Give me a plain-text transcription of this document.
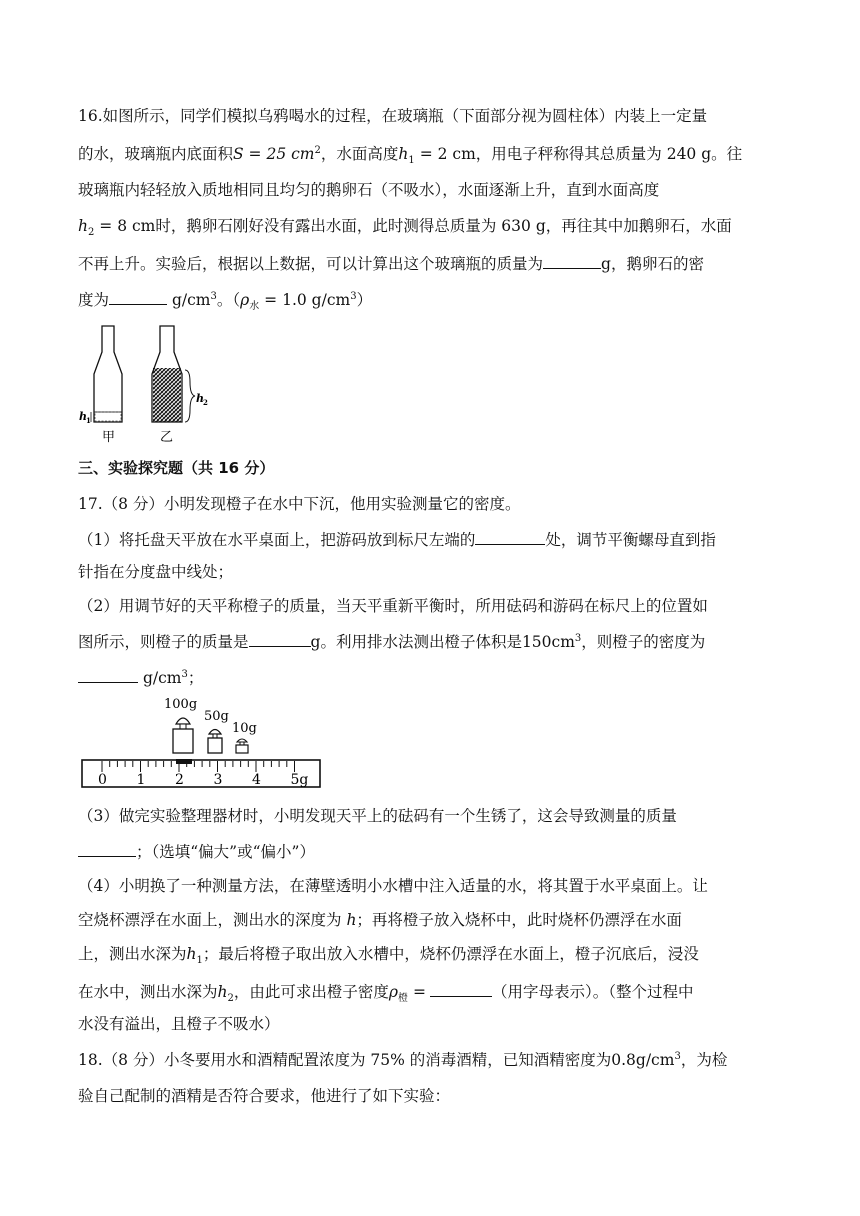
16.如图所示，同学们模拟乌鸦喝水的过程，在玻璃瓶（下面部分视为圆柱体）内装上一定量
的水，玻璃瓶内底面积S = 25 $cm^2$，水面高度$h_1 = 2$ cm，用电子秤称得其总质量为 240 g。往
玻璃瓶内轻轻放入质地相同且均匀的鹅卵石（不吸水），水面逐渐上升，直到水面高度
$h_2 = 8$ cm时，鹅卵石刚好没有露出水面，此时测得总质量为 630 g，再往其中加鹅卵石，水面
不再上升。实验后，根据以上数据，可以计算出这个玻璃瓶的质量为	g，鹅卵石的密
度为	$g/cm^3$。（$\rho_水 = 1.0$ $g/cm^3$）
h 1
甲
h 2
乙
三、实验探究题（共 16 分）
17.（8 分）小明发现橙子在水中下沉，他用实验测量它的密度。
（1）将托盘天平放在水平桌面上，把游码放到标尺左端的	处，调节平衡螺母直到指
针指在分度盘中线处；
（2）用调节好的天平称橙子的质量，当天平重新平衡时，所用砝码和游码在标尺上的位置如
图所示，则橙子的质量是	g。利用排水法测出橙子体积是$150cm^3$，则橙子的密度为
$g/cm^3$；
100g
50g
10g
0 1 2 3 4 5g
（3）做完实验整理器材时，小明发现天平上的砝码有一个生锈了，这会导致测量的质量
；（选填“偏大”或“偏小”）
（4）小明换了一种测量方法，在薄壁透明小水槽中注入适量的水，将其置于水平桌面上。让
空烧杯漂浮在水面上，测出水的深度为 h；再将橙子放入烧杯中，此时烧杯仍漂浮在水面
上，测出水深为$h_1$；最后将橙子取出放入水槽中，烧杯仍漂浮在水面上，橙子沉底后，浸没
在水中，测出水深为$h_2$，由此可求出橙子密度$\rho_橙$ =	（用字母表示）。（整个过程中
水没有溢出，且橙子不吸水）
18.（8 分）小冬要用水和酒精配置浓度为 75% 的消毒酒精，已知酒精密度为$0.8g/cm^3$，为检
验自己配制的酒精是否符合要求，他进行了如下实验：
